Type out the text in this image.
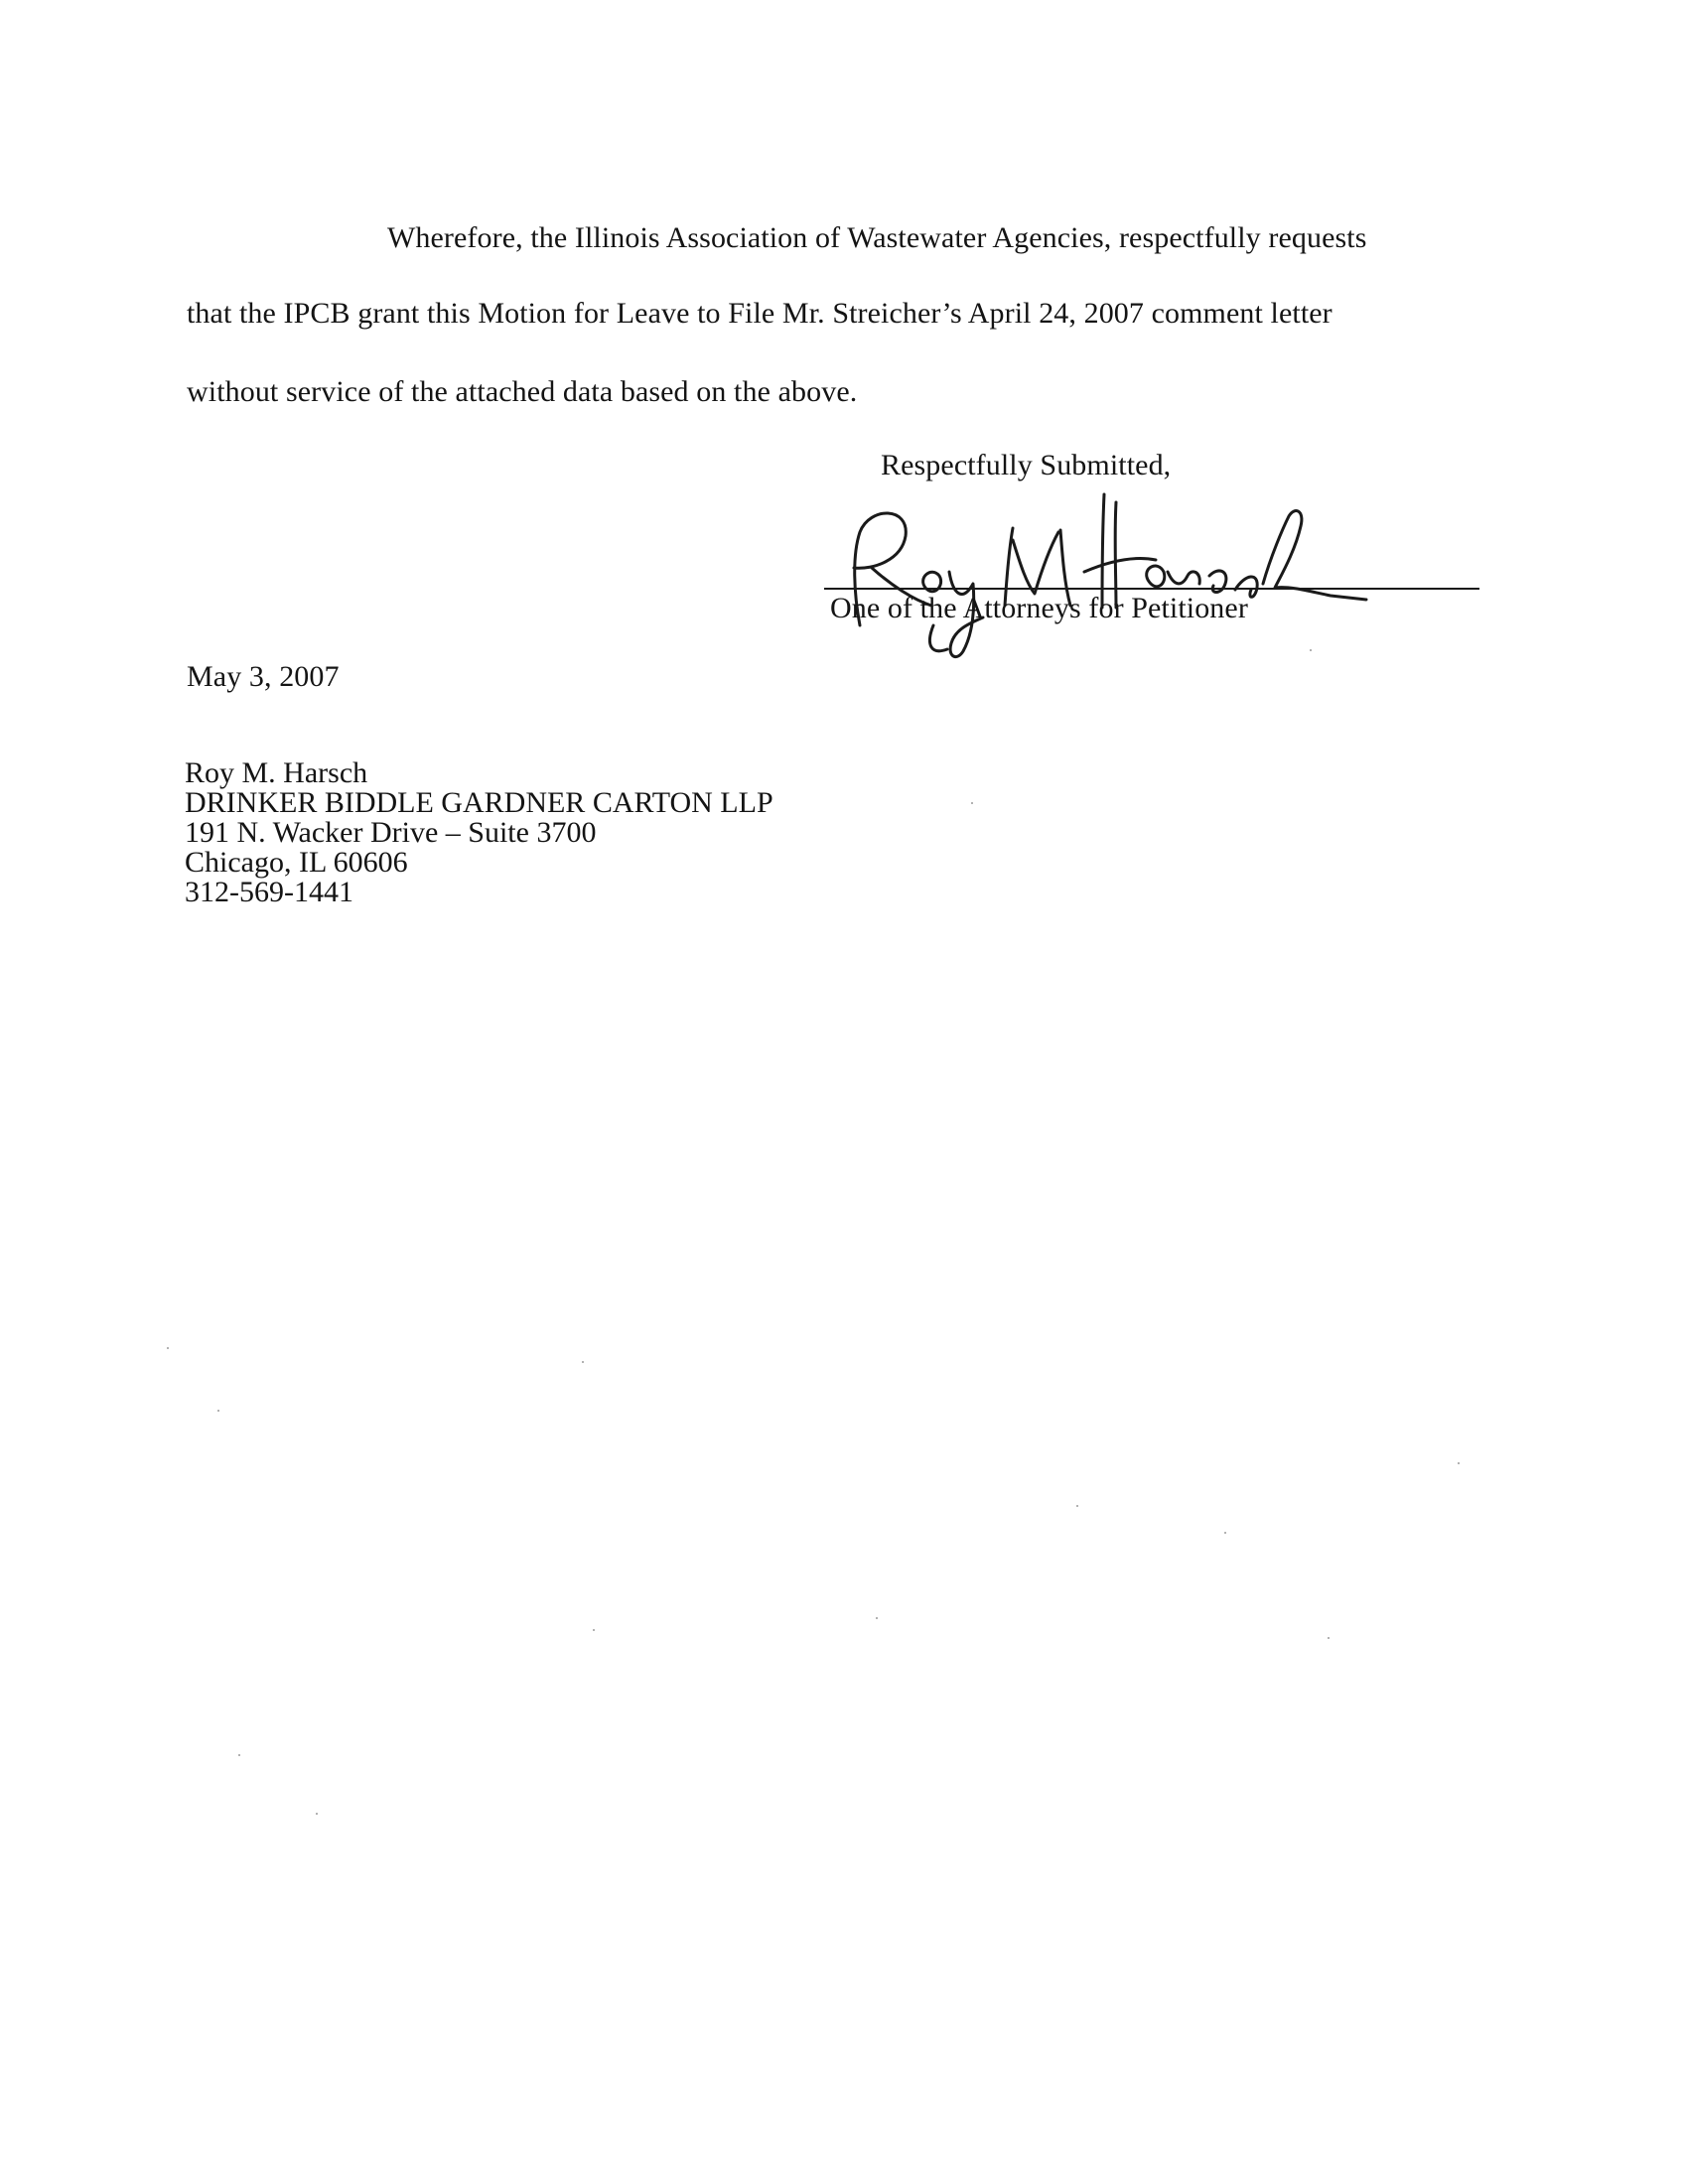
Wherefore, the Illinois Association of Wastewater Agencies, respectfully requests
that the IPCB grant this Motion for Leave to File Mr. Streicher’s April 24, 2007 comment letter
without service of the attached data based on the above.
Respectfully Submitted,
One of the Attorneys for Petitioner
May 3, 2007
Roy M. Harsch
DRINKER BIDDLE GARDNER CARTON LLP
191 N. Wacker Drive – Suite 3700
Chicago, IL 60606
312-569-1441
